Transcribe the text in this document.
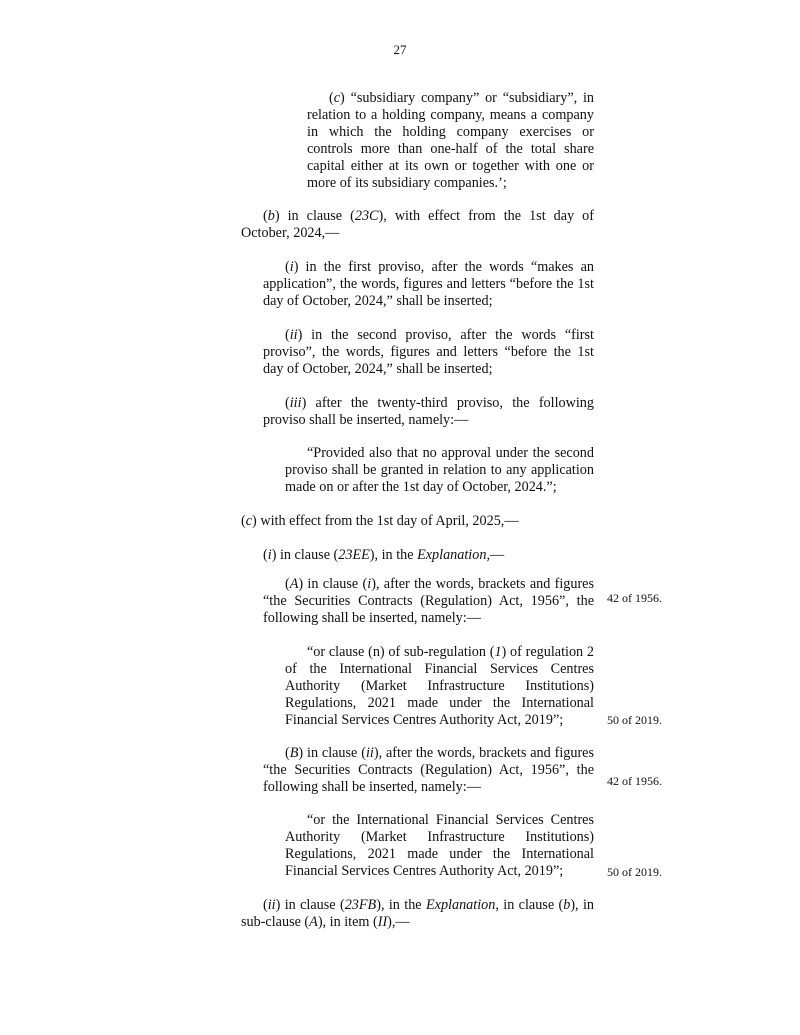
27
(c) “subsidiary company” or “subsidiary”, in relation to a holding company, means a company in which the holding company exercises or controls more than one-half of the total share capital either at its own or together with one or more of its subsidiary companies.’;
(b) in clause (23C), with effect from the 1st day of October, 2024,—
(i) in the first proviso, after the words “makes an application”, the words, figures and letters “before the 1st day of October, 2024,” shall be inserted;
(ii) in the second proviso, after the words “first proviso”, the words, figures and letters “before the 1st day of October, 2024,” shall be inserted;
(iii) after the twenty-third proviso, the following proviso shall be inserted, namely:—
“Provided also that no approval under the second proviso shall be granted in relation to any application made on or after the 1st day of October, 2024.”;
(c) with effect from the 1st day of April, 2025,—
(i) in clause (23EE), in the Explanation,—
(A) in clause (i), after the words, brackets and figures “the Securities Contracts (Regulation) Act, 1956”, the following shall be inserted, namely:—
42 of 1956.
“or clause (n) of sub-regulation (1) of regulation 2 of the International Financial Services Centres Authority (Market Infrastructure Institutions) Regulations, 2021 made under the International Financial Services Centres Authority Act, 2019”;	50 of 2019.
(B) in clause (ii), after the words, brackets and figures “the Securities Contracts (Regulation) Act, 1956”, the following shall be inserted, namely:—	42 of 1956.
“or the International Financial Services Centres Authority (Market Infrastructure Institutions) Regulations, 2021 made under the International Financial Services Centres Authority Act, 2019”;	50 of 2019.
(ii) in clause (23FB), in the Explanation, in clause (b), in sub-clause (A), in item (II),—
